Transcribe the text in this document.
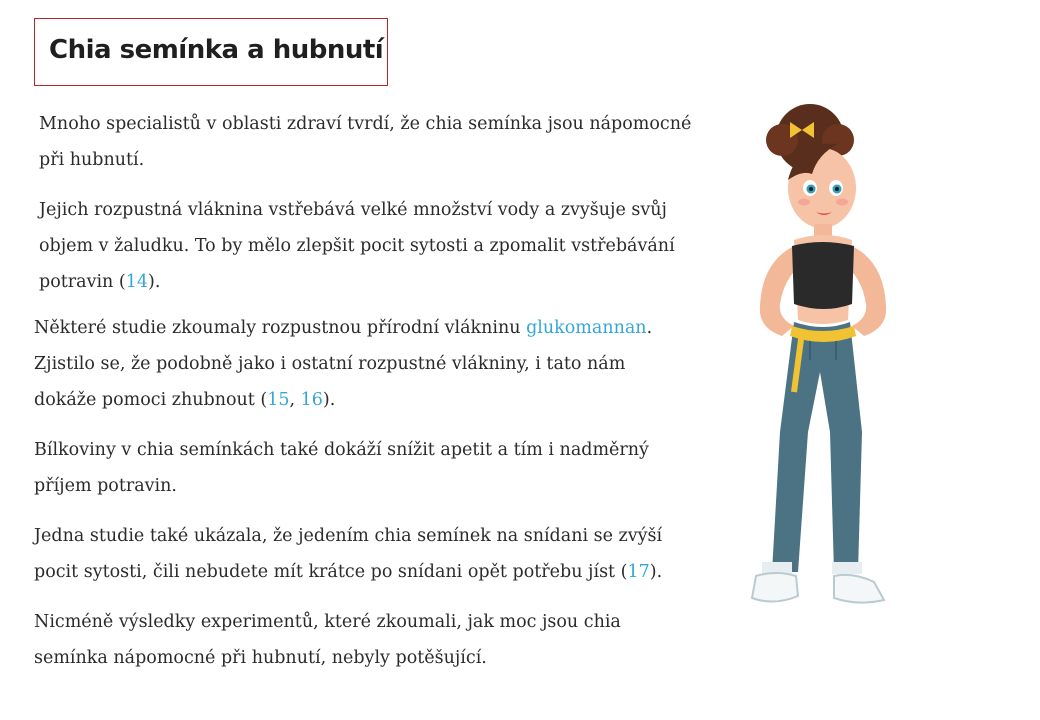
Chia semínka a hubnutí

Mnoho specialistů v oblasti zdraví tvrdí, že chia semínka jsou nápomocné
při hubnutí.

Jejich rozpustná vláknina vstřebává velké množství vody a zvyšuje svůj
objem v žaludku. To by mělo zlepšit pocit sytosti a zpomalit vstřebávání
potravin (14).

Některé studie zkoumaly rozpustnou přírodní vlákninu glukomannan.
Zjistilo se, že podobně jako i ostatní rozpustné vlákniny, i tato nám
dokáže pomoci zhubnout (15, 16).

Bílkoviny v chia semínkách také dokáží snížit apetit a tím i nadměrný
příjem potravin.

Jedna studie také ukázala, že jedením chia semínek na snídani se zvýší
pocit sytosti, čili nebudete mít krátce po snídani opět potřebu jíst (17).

Nicméně výsledky experimentů, které zkoumali, jak moc jsou chia
semínka nápomocné při hubnutí, nebyly potěšující.
